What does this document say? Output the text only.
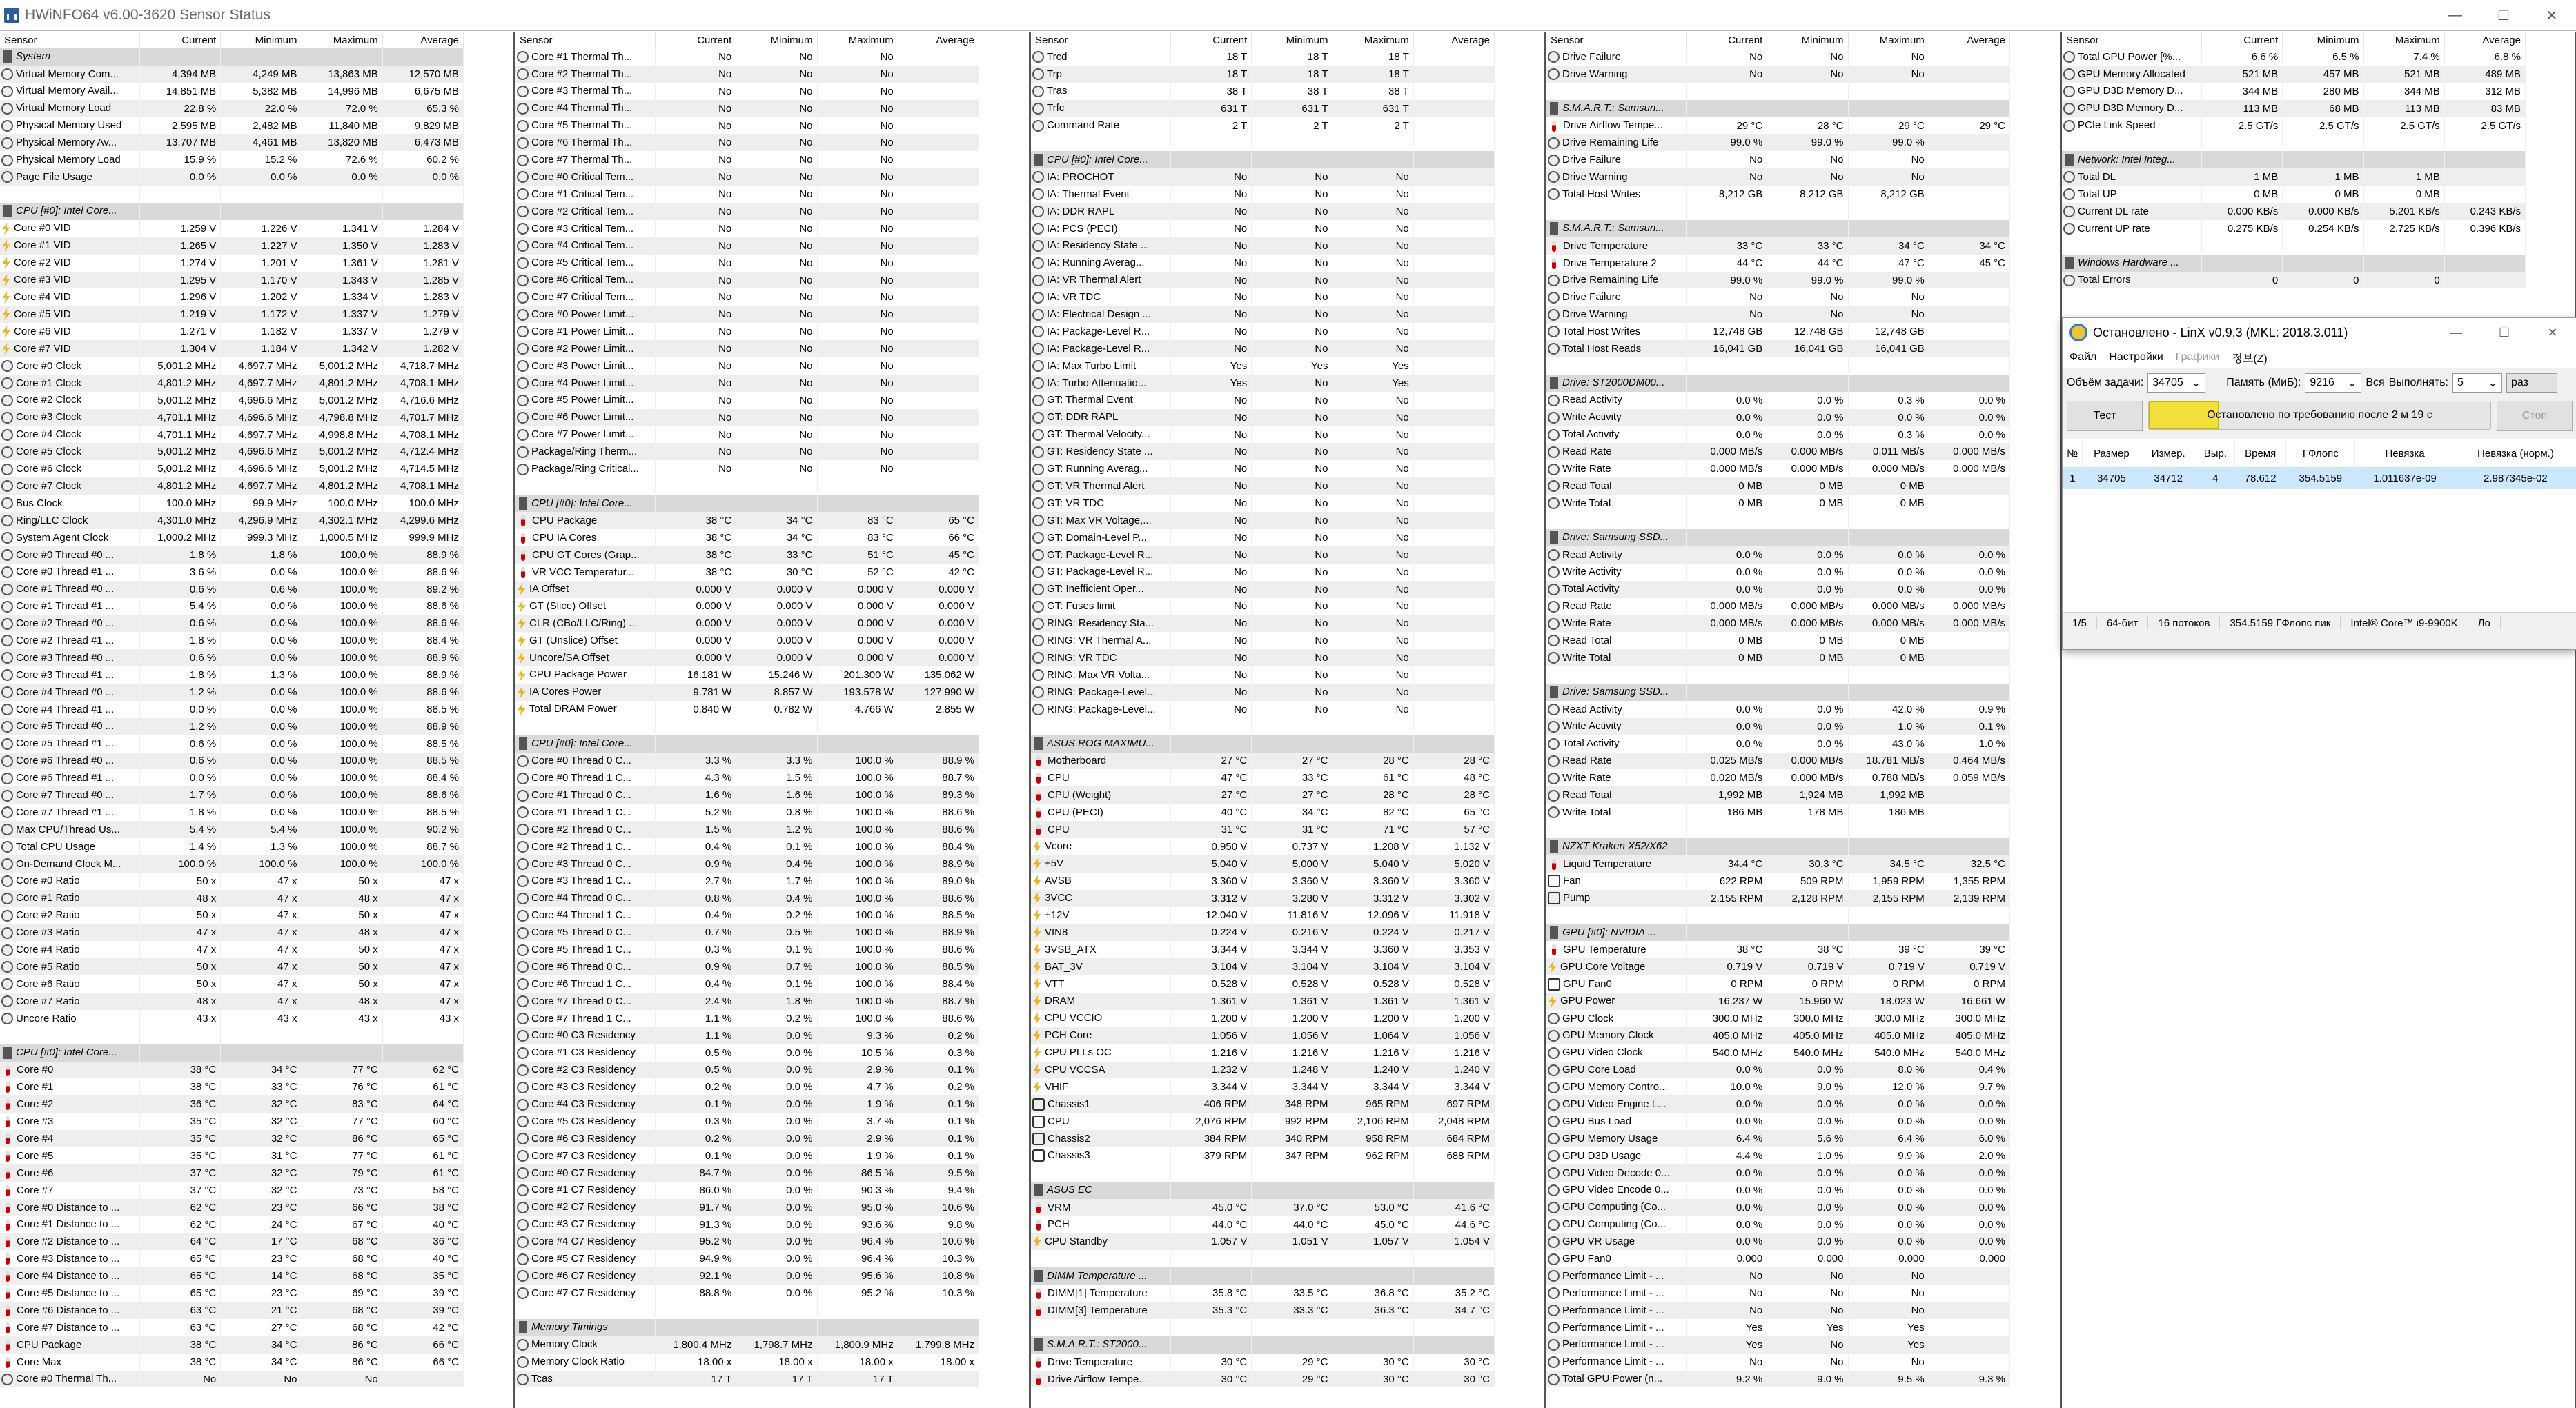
HWiNFO64 v6.00-3620 Sensor Status	—	☐	✕
Sensor	Current	Minimum	Maximum	Average
System				
Virtual Memory Com...	4,394 MB	4,249 MB	13,863 MB	12,570 MB
Virtual Memory Avail...	14,851 MB	5,382 MB	14,996 MB	6,675 MB
Virtual Memory Load	22.8 %	22.0 %	72.0 %	65.3 %
Physical Memory Used	2,595 MB	2,482 MB	11,840 MB	9,829 MB
Physical Memory Av...	13,707 MB	4,461 MB	13,820 MB	6,473 MB
Physical Memory Load	15.9 %	15.2 %	72.6 %	60.2 %
Page File Usage	0.0 %	0.0 %	0.0 %	0.0 %

CPU [#0]: Intel Core...				
Core #0 VID	1.259 V	1.226 V	1.341 V	1.284 V
Core #1 VID	1.265 V	1.227 V	1.350 V	1.283 V
Core #2 VID	1.274 V	1.201 V	1.361 V	1.281 V
Core #3 VID	1.295 V	1.170 V	1.343 V	1.285 V
Core #4 VID	1.296 V	1.202 V	1.334 V	1.283 V
Core #5 VID	1.219 V	1.172 V	1.337 V	1.279 V
Core #6 VID	1.271 V	1.182 V	1.337 V	1.279 V
Core #7 VID	1.304 V	1.184 V	1.342 V	1.282 V
Core #0 Clock	5,001.2 MHz	4,697.7 MHz	5,001.2 MHz	4,718.7 MHz
Core #1 Clock	4,801.2 MHz	4,697.7 MHz	4,801.2 MHz	4,708.1 MHz
Core #2 Clock	5,001.2 MHz	4,696.6 MHz	5,001.2 MHz	4,716.6 MHz
Core #3 Clock	4,701.1 MHz	4,696.6 MHz	4,798.8 MHz	4,701.7 MHz
Core #4 Clock	4,701.1 MHz	4,697.7 MHz	4,998.8 MHz	4,708.1 MHz
Core #5 Clock	5,001.2 MHz	4,696.6 MHz	5,001.2 MHz	4,712.4 MHz
Core #6 Clock	5,001.2 MHz	4,696.6 MHz	5,001.2 MHz	4,714.5 MHz
Core #7 Clock	4,801.2 MHz	4,697.7 MHz	4,801.2 MHz	4,708.1 MHz
Bus Clock	100.0 MHz	99.9 MHz	100.0 MHz	100.0 MHz
Ring/LLC Clock	4,301.0 MHz	4,296.9 MHz	4,302.1 MHz	4,299.6 MHz
System Agent Clock	1,000.2 MHz	999.3 MHz	1,000.5 MHz	999.9 MHz
Core #0 Thread #0 ...	1.8 %	1.8 %	100.0 %	88.9 %
Core #0 Thread #1 ...	3.6 %	0.0 %	100.0 %	88.6 %
Core #1 Thread #0 ...	0.6 %	0.6 %	100.0 %	89.2 %
Core #1 Thread #1 ...	5.4 %	0.0 %	100.0 %	88.6 %
Core #2 Thread #0 ...	0.6 %	0.0 %	100.0 %	88.6 %
Core #2 Thread #1 ...	1.8 %	0.0 %	100.0 %	88.4 %
Core #3 Thread #0 ...	0.6 %	0.0 %	100.0 %	88.9 %
Core #3 Thread #1 ...	1.8 %	1.3 %	100.0 %	88.9 %
Core #4 Thread #0 ...	1.2 %	0.0 %	100.0 %	88.6 %
Core #4 Thread #1 ...	0.0 %	0.0 %	100.0 %	88.5 %
Core #5 Thread #0 ...	1.2 %	0.0 %	100.0 %	88.9 %
Core #5 Thread #1 ...	0.6 %	0.0 %	100.0 %	88.5 %
Core #6 Thread #0 ...	0.6 %	0.0 %	100.0 %	88.5 %
Core #6 Thread #1 ...	0.0 %	0.0 %	100.0 %	88.4 %
Core #7 Thread #0 ...	1.7 %	0.0 %	100.0 %	88.6 %
Core #7 Thread #1 ...	1.8 %	0.0 %	100.0 %	88.5 %
Max CPU/Thread Us...	5.4 %	5.4 %	100.0 %	90.2 %
Total CPU Usage	1.4 %	1.3 %	100.0 %	88.7 %
On-Demand Clock M...	100.0 %	100.0 %	100.0 %	100.0 %
Core #0 Ratio	50 x	47 x	50 x	47 x
Core #1 Ratio	48 x	47 x	48 x	47 x
Core #2 Ratio	50 x	47 x	50 x	47 x
Core #3 Ratio	47 x	47 x	48 x	47 x
Core #4 Ratio	47 x	47 x	50 x	47 x
Core #5 Ratio	50 x	47 x	50 x	47 x
Core #6 Ratio	50 x	47 x	50 x	47 x
Core #7 Ratio	48 x	47 x	48 x	47 x
Uncore Ratio	43 x	43 x	43 x	43 x

CPU [#0]: Intel Core...				
Core #0	38 °C	34 °C	77 °C	62 °C
Core #1	38 °C	33 °C	76 °C	61 °C
Core #2	36 °C	32 °C	83 °C	64 °C
Core #3	35 °C	32 °C	77 °C	60 °C
Core #4	35 °C	32 °C	86 °C	65 °C
Core #5	35 °C	31 °C	77 °C	61 °C
Core #6	37 °C	32 °C	79 °C	61 °C
Core #7	37 °C	32 °C	73 °C	58 °C
Core #0 Distance to ...	62 °C	23 °C	66 °C	38 °C
Core #1 Distance to ...	62 °C	24 °C	67 °C	40 °C
Core #2 Distance to ...	64 °C	17 °C	68 °C	36 °C
Core #3 Distance to ...	65 °C	23 °C	68 °C	40 °C
Core #4 Distance to ...	65 °C	14 °C	68 °C	35 °C
Core #5 Distance to ...	65 °C	23 °C	69 °C	39 °C
Core #6 Distance to ...	63 °C	21 °C	68 °C	39 °C
Core #7 Distance to ...	63 °C	27 °C	68 °C	42 °C
CPU Package	38 °C	34 °C	86 °C	66 °C
Core Max	38 °C	34 °C	86 °C	66 °C
Core #0 Thermal Th...	No	No	No	
Sensor	Current	Minimum	Maximum	Average
Core #1 Thermal Th...	No	No	No	
Core #2 Thermal Th...	No	No	No	
Core #3 Thermal Th...	No	No	No	
Core #4 Thermal Th...	No	No	No	
Core #5 Thermal Th...	No	No	No	
Core #6 Thermal Th...	No	No	No	
Core #7 Thermal Th...	No	No	No	
Core #0 Critical Tem...	No	No	No	
Core #1 Critical Tem...	No	No	No	
Core #2 Critical Tem...	No	No	No	
Core #3 Critical Tem...	No	No	No	
Core #4 Critical Tem...	No	No	No	
Core #5 Critical Tem...	No	No	No	
Core #6 Critical Tem...	No	No	No	
Core #7 Critical Tem...	No	No	No	
Core #0 Power Limit...	No	No	No	
Core #1 Power Limit...	No	No	No	
Core #2 Power Limit...	No	No	No	
Core #3 Power Limit...	No	No	No	
Core #4 Power Limit...	No	No	No	
Core #5 Power Limit...	No	No	No	
Core #6 Power Limit...	No	No	No	
Core #7 Power Limit...	No	No	No	
Package/Ring Therm...	No	No	No	
Package/Ring Critical...	No	No	No	

CPU [#0]: Intel Core...				
CPU Package	38 °C	34 °C	83 °C	65 °C
CPU IA Cores	38 °C	34 °C	83 °C	66 °C
CPU GT Cores (Grap...	38 °C	33 °C	51 °C	45 °C
VR VCC Temperatur...	38 °C	30 °C	52 °C	42 °C
IA Offset	0.000 V	0.000 V	0.000 V	0.000 V
GT (Slice) Offset	0.000 V	0.000 V	0.000 V	0.000 V
CLR (CBo/LLC/Ring) ...	0.000 V	0.000 V	0.000 V	0.000 V
GT (Unslice) Offset	0.000 V	0.000 V	0.000 V	0.000 V
Uncore/SA Offset	0.000 V	0.000 V	0.000 V	0.000 V
CPU Package Power	16.181 W	15.246 W	201.300 W	135.062 W
IA Cores Power	9.781 W	8.857 W	193.578 W	127.990 W
Total DRAM Power	0.840 W	0.782 W	4.766 W	2.855 W

CPU [#0]: Intel Core...				
Core #0 Thread 0 C...	3.3 %	3.3 %	100.0 %	88.9 %
Core #0 Thread 1 C...	4.3 %	1.5 %	100.0 %	88.7 %
Core #1 Thread 0 C...	1.6 %	1.6 %	100.0 %	89.3 %
Core #1 Thread 1 C...	5.2 %	0.8 %	100.0 %	88.6 %
Core #2 Thread 0 C...	1.5 %	1.2 %	100.0 %	88.6 %
Core #2 Thread 1 C...	0.4 %	0.1 %	100.0 %	88.4 %
Core #3 Thread 0 C...	0.9 %	0.4 %	100.0 %	88.9 %
Core #3 Thread 1 C...	2.7 %	1.7 %	100.0 %	89.0 %
Core #4 Thread 0 C...	0.8 %	0.4 %	100.0 %	88.6 %
Core #4 Thread 1 C...	0.4 %	0.2 %	100.0 %	88.5 %
Core #5 Thread 0 C...	0.7 %	0.5 %	100.0 %	88.9 %
Core #5 Thread 1 C...	0.3 %	0.1 %	100.0 %	88.6 %
Core #6 Thread 0 C...	0.9 %	0.7 %	100.0 %	88.5 %
Core #6 Thread 1 C...	0.4 %	0.1 %	100.0 %	88.4 %
Core #7 Thread 0 C...	2.4 %	1.8 %	100.0 %	88.7 %
Core #7 Thread 1 C...	1.1 %	0.2 %	100.0 %	88.6 %
Core #0 C3 Residency	1.1 %	0.0 %	9.3 %	0.2 %
Core #1 C3 Residency	0.5 %	0.0 %	10.5 %	0.3 %
Core #2 C3 Residency	0.5 %	0.0 %	2.9 %	0.1 %
Core #3 C3 Residency	0.2 %	0.0 %	4.7 %	0.2 %
Core #4 C3 Residency	0.1 %	0.0 %	1.9 %	0.1 %
Core #5 C3 Residency	0.3 %	0.0 %	3.7 %	0.1 %
Core #6 C3 Residency	0.2 %	0.0 %	2.9 %	0.1 %
Core #7 C3 Residency	0.1 %	0.0 %	1.9 %	0.1 %
Core #0 C7 Residency	84.7 %	0.0 %	86.5 %	9.5 %
Core #1 C7 Residency	86.0 %	0.0 %	90.3 %	9.4 %
Core #2 C7 Residency	91.7 %	0.0 %	95.0 %	10.6 %
Core #3 C7 Residency	91.3 %	0.0 %	93.6 %	9.8 %
Core #4 C7 Residency	95.2 %	0.0 %	96.4 %	10.6 %
Core #5 C7 Residency	94.9 %	0.0 %	96.4 %	10.3 %
Core #6 C7 Residency	92.1 %	0.0 %	95.6 %	10.8 %
Core #7 C7 Residency	88.8 %	0.0 %	95.2 %	10.3 %

Memory Timings				
Memory Clock	1,800.4 MHz	1,798.7 MHz	1,800.9 MHz	1,799.8 MHz
Memory Clock Ratio	18.00 x	18.00 x	18.00 x	18.00 x
Tcas	17 T	17 T	17 T	
Sensor	Current	Minimum	Maximum	Average
Trcd	18 T	18 T	18 T	
Trp	18 T	18 T	18 T	
Tras	38 T	38 T	38 T	
Trfc	631 T	631 T	631 T	
Command Rate	2 T	2 T	2 T	

CPU [#0]: Intel Core...				
IA: PROCHOT	No	No	No	
IA: Thermal Event	No	No	No	
IA: DDR RAPL	No	No	No	
IA: PCS (PECI)	No	No	No	
IA: Residency State ...	No	No	No	
IA: Running Averag...	No	No	No	
IA: VR Thermal Alert	No	No	No	
IA: VR TDC	No	No	No	
IA: Electrical Design ...	No	No	No	
IA: Package-Level R...	No	No	No	
IA: Package-Level R...	No	No	No	
IA: Max Turbo Limit	Yes	Yes	Yes	
IA: Turbo Attenuatio...	Yes	No	Yes	
GT: Thermal Event	No	No	No	
GT: DDR RAPL	No	No	No	
GT: Thermal Velocity...	No	No	No	
GT: Residency State ...	No	No	No	
GT: Running Averag...	No	No	No	
GT: VR Thermal Alert	No	No	No	
GT: VR TDC	No	No	No	
GT: Max VR Voltage,...	No	No	No	
GT: Domain-Level P...	No	No	No	
GT: Package-Level R...	No	No	No	
GT: Package-Level R...	No	No	No	
GT: Inefficient Oper...	No	No	No	
GT: Fuses limit	No	No	No	
RING: Residency Sta...	No	No	No	
RING: VR Thermal A...	No	No	No	
RING: VR TDC	No	No	No	
RING: Max VR Volta...	No	No	No	
RING: Package-Level...	No	No	No	
RING: Package-Level...	No	No	No	

ASUS ROG MAXIMU...				
Motherboard	27 °C	27 °C	28 °C	28 °C
CPU	47 °C	33 °C	61 °C	48 °C
CPU (Weight)	27 °C	27 °C	28 °C	28 °C
CPU (PECI)	40 °C	34 °C	82 °C	65 °C
CPU	31 °C	31 °C	71 °C	57 °C
Vcore	0.950 V	0.737 V	1.208 V	1.132 V
+5V	5.040 V	5.000 V	5.040 V	5.020 V
AVSB	3.360 V	3.360 V	3.360 V	3.360 V
3VCC	3.312 V	3.280 V	3.312 V	3.302 V
+12V	12.040 V	11.816 V	12.096 V	11.918 V
VIN8	0.224 V	0.216 V	0.224 V	0.217 V
3VSB_ATX	3.344 V	3.344 V	3.360 V	3.353 V
BAT_3V	3.104 V	3.104 V	3.104 V	3.104 V
VTT	0.528 V	0.528 V	0.528 V	0.528 V
DRAM	1.361 V	1.361 V	1.361 V	1.361 V
CPU VCCIO	1.200 V	1.200 V	1.200 V	1.200 V
PCH Core	1.056 V	1.056 V	1.064 V	1.056 V
CPU PLLs OC	1.216 V	1.216 V	1.216 V	1.216 V
CPU VCCSA	1.232 V	1.248 V	1.240 V	1.240 V
VHIF	3.344 V	3.344 V	3.344 V	3.344 V
Chassis1	406 RPM	348 RPM	965 RPM	697 RPM
CPU	2,076 RPM	992 RPM	2,106 RPM	2,048 RPM
Chassis2	384 RPM	340 RPM	958 RPM	684 RPM
Chassis3	379 RPM	347 RPM	962 RPM	688 RPM

ASUS EC				
VRM	45.0 °C	37.0 °C	53.0 °C	41.6 °C
PCH	44.0 °C	44.0 °C	45.0 °C	44.6 °C
CPU Standby	1.057 V	1.051 V	1.057 V	1.054 V

DIMM Temperature ...				
DIMM[1] Temperature	35.8 °C	33.5 °C	36.8 °C	35.2 °C
DIMM[3] Temperature	35.3 °C	33.3 °C	36.3 °C	34.7 °C

S.M.A.R.T.: ST2000...				
Drive Temperature	30 °C	29 °C	30 °C	30 °C
Drive Airflow Tempe...	30 °C	29 °C	30 °C	30 °C
Sensor	Current	Minimum	Maximum	Average
Drive Failure	No	No	No	
Drive Warning	No	No	No	

S.M.A.R.T.: Samsun...				
Drive Airflow Tempe...	29 °C	28 °C	29 °C	29 °C
Drive Remaining Life	99.0 %	99.0 %	99.0 %	
Drive Failure	No	No	No	
Drive Warning	No	No	No	
Total Host Writes	8,212 GB	8,212 GB	8,212 GB	

S.M.A.R.T.: Samsun...				
Drive Temperature	33 °C	33 °C	34 °C	34 °C
Drive Temperature 2	44 °C	44 °C	47 °C	45 °C
Drive Remaining Life	99.0 %	99.0 %	99.0 %	
Drive Failure	No	No	No	
Drive Warning	No	No	No	
Total Host Writes	12,748 GB	12,748 GB	12,748 GB	
Total Host Reads	16,041 GB	16,041 GB	16,041 GB	

Drive: ST2000DM00...				
Read Activity	0.0 %	0.0 %	0.3 %	0.0 %
Write Activity	0.0 %	0.0 %	0.0 %	0.0 %
Total Activity	0.0 %	0.0 %	0.3 %	0.0 %
Read Rate	0.000 MB/s	0.000 MB/s	0.011 MB/s	0.000 MB/s
Write Rate	0.000 MB/s	0.000 MB/s	0.000 MB/s	0.000 MB/s
Read Total	0 MB	0 MB	0 MB	
Write Total	0 MB	0 MB	0 MB	

Drive: Samsung SSD...				
Read Activity	0.0 %	0.0 %	0.0 %	0.0 %
Write Activity	0.0 %	0.0 %	0.0 %	0.0 %
Total Activity	0.0 %	0.0 %	0.0 %	0.0 %
Read Rate	0.000 MB/s	0.000 MB/s	0.000 MB/s	0.000 MB/s
Write Rate	0.000 MB/s	0.000 MB/s	0.000 MB/s	0.000 MB/s
Read Total	0 MB	0 MB	0 MB	
Write Total	0 MB	0 MB	0 MB	

Drive: Samsung SSD...				
Read Activity	0.0 %	0.0 %	42.0 %	0.9 %
Write Activity	0.0 %	0.0 %	1.0 %	0.1 %
Total Activity	0.0 %	0.0 %	43.0 %	1.0 %
Read Rate	0.025 MB/s	0.000 MB/s	18.781 MB/s	0.464 MB/s
Write Rate	0.020 MB/s	0.000 MB/s	0.788 MB/s	0.059 MB/s
Read Total	1,992 MB	1,924 MB	1,992 MB	
Write Total	186 MB	178 MB	186 MB	

NZXT Kraken X52/X62				
Liquid Temperature	34.4 °C	30.3 °C	34.5 °C	32.5 °C
Fan	622 RPM	509 RPM	1,959 RPM	1,355 RPM
Pump	2,155 RPM	2,128 RPM	2,155 RPM	2,139 RPM

GPU [#0]: NVIDIA ...				
GPU Temperature	38 °C	38 °C	39 °C	39 °C
GPU Core Voltage	0.719 V	0.719 V	0.719 V	0.719 V
GPU Fan0	0 RPM	0 RPM	0 RPM	0 RPM
GPU Power	16.237 W	15.960 W	18.023 W	16.661 W
GPU Clock	300.0 MHz	300.0 MHz	300.0 MHz	300.0 MHz
GPU Memory Clock	405.0 MHz	405.0 MHz	405.0 MHz	405.0 MHz
GPU Video Clock	540.0 MHz	540.0 MHz	540.0 MHz	540.0 MHz
GPU Core Load	0.0 %	0.0 %	8.0 %	0.4 %
GPU Memory Contro...	10.0 %	9.0 %	12.0 %	9.7 %
GPU Video Engine L...	0.0 %	0.0 %	0.0 %	0.0 %
GPU Bus Load	0.0 %	0.0 %	0.0 %	0.0 %
GPU Memory Usage	6.4 %	5.6 %	6.4 %	6.0 %
GPU D3D Usage	4.4 %	1.0 %	9.9 %	2.0 %
GPU Video Decode 0...	0.0 %	0.0 %	0.0 %	0.0 %
GPU Video Encode 0...	0.0 %	0.0 %	0.0 %	0.0 %
GPU Computing (Co...	0.0 %	0.0 %	0.0 %	0.0 %
GPU Computing (Co...	0.0 %	0.0 %	0.0 %	0.0 %
GPU VR Usage	0.0 %	0.0 %	0.0 %	0.0 %
GPU Fan0	0.000	0.000	0.000	0.000
Performance Limit - ...	No	No	No	
Performance Limit - ...	No	No	No	
Performance Limit - ...	No	No	No	
Performance Limit - ...	Yes	Yes	Yes	
Performance Limit - ...	Yes	No	Yes	
Performance Limit - ...	No	No	No	
Total GPU Power (n...	9.2 %	9.0 %	9.5 %	9.3 %
Sensor	Current	Minimum	Maximum	Average
Total GPU Power [%...	6.6 %	6.5 %	7.4 %	6.8 %
GPU Memory Allocated	521 MB	457 MB	521 MB	489 MB
GPU D3D Memory D...	344 MB	280 MB	344 MB	312 MB
GPU D3D Memory D...	113 MB	68 MB	113 MB	83 MB
PCIe Link Speed	2.5 GT/s	2.5 GT/s	2.5 GT/s	2.5 GT/s

Network: Intel Integ...				
Total DL	1 MB	1 MB	1 MB	
Total UP	0 MB	0 MB	0 MB	
Current DL rate	0.000 KB/s	0.000 KB/s	5.201 KB/s	0.243 KB/s
Current UP rate	0.275 KB/s	0.254 KB/s	2.725 KB/s	0.396 KB/s

Windows Hardware ...				
Total Errors	0	0	0	
Остановлено - LinX v0.9.3 (MKL: 2018.3.011)	—	☐	✕
Файл Настройки Графики 정보(Z)
Объём задачи: 34705 ⌄ Память (МиБ): 9216 ⌄ Вся Выполнять: 5 ⌄ раз
Тест	Остановлено по требованию после 2 м 19 с	Стоп
№	Размер	Измер.	Выр.	Время	ГФлопс	Невязка	Невязка (норм.)
1	34705	34712	4	78.612	354.5159	1.011637e-09	2.987345e-02
1/5	64-бит	16 потоков	354.5159 ГФлопс пик	Intel® Core™ i9-9900K	Ло
